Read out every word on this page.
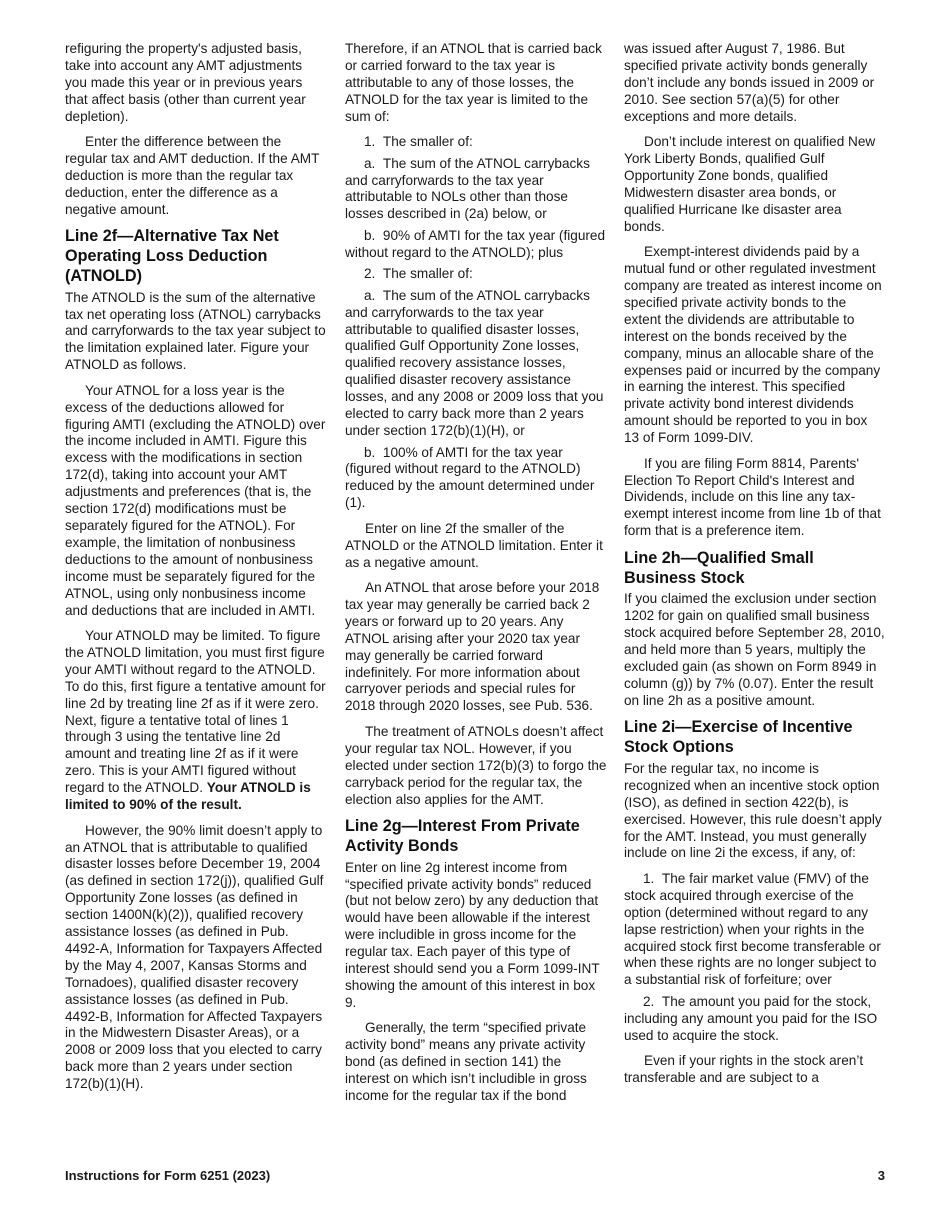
refiguring the property's adjusted basis, take into account any AMT adjustments you made this year or in previous years that affect basis (other than current year depletion).

Enter the difference between the regular tax and AMT deduction. If the AMT deduction is more than the regular tax deduction, enter the difference as a negative amount.

Line 2f—Alternative Tax Net Operating Loss Deduction (ATNOLD)

The ATNOLD is the sum of the alternative tax net operating loss (ATNOL) carrybacks and carryforwards to the tax year subject to the limitation explained later. Figure your ATNOLD as follows.

Your ATNOL for a loss year is the excess of the deductions allowed for figuring AMTI (excluding the ATNOLD) over the income included in AMTI. Figure this excess with the modifications in section 172(d), taking into account your AMT adjustments and preferences (that is, the section 172(d) modifications must be separately figured for the ATNOL). For example, the limitation of nonbusiness deductions to the amount of nonbusiness income must be separately figured for the ATNOL, using only nonbusiness income and deductions that are included in AMTI.

Your ATNOLD may be limited. To figure the ATNOLD limitation, you must first figure your AMTI without regard to the ATNOLD. To do this, first figure a tentative amount for line 2d by treating line 2f as if it were zero. Next, figure a tentative total of lines 1 through 3 using the tentative line 2d amount and treating line 2f as if it were zero. This is your AMTI figured without regard to the ATNOLD. Your ATNOLD is limited to 90% of the result.

However, the 90% limit doesn’t apply to an ATNOL that is attributable to qualified disaster losses before December 19, 2004 (as defined in section 172(j)), qualified Gulf Opportunity Zone losses (as defined in section 1400N(k)(2)), qualified recovery assistance losses (as defined in Pub. 4492-A, Information for Taxpayers Affected by the May 4, 2007, Kansas Storms and Tornadoes), qualified disaster recovery assistance losses (as defined in Pub. 4492-B, Information for Affected Taxpayers in the Midwestern Disaster Areas), or a 2008 or 2009 loss that you elected to carry back more than 2 years under section 172(b)(1)(H).

Therefore, if an ATNOL that is carried back or carried forward to the tax year is attributable to any of those losses, the ATNOLD for the tax year is limited to the sum of:

1.  The smaller of:

a.  The sum of the ATNOL carrybacks and carryforwards to the tax year attributable to NOLs other than those losses described in (2a) below, or

b.  90% of AMTI for the tax year (figured without regard to the ATNOLD); plus

2.  The smaller of:

a.  The sum of the ATNOL carrybacks and carryforwards to the tax year attributable to qualified disaster losses, qualified Gulf Opportunity Zone losses, qualified recovery assistance losses, qualified disaster recovery assistance losses, and any 2008 or 2009 loss that you elected to carry back more than 2 years under section 172(b)(1)(H), or

b.  100% of AMTI for the tax year (figured without regard to the ATNOLD) reduced by the amount determined under (1).

Enter on line 2f the smaller of the ATNOLD or the ATNOLD limitation. Enter it as a negative amount.

An ATNOL that arose before your 2018 tax year may generally be carried back 2 years or forward up to 20 years. Any ATNOL arising after your 2020 tax year may generally be carried forward indefinitely. For more information about carryover periods and special rules for 2018 through 2020 losses, see Pub. 536.

The treatment of ATNOLs doesn’t affect your regular tax NOL. However, if you elected under section 172(b)(3) to forgo the carryback period for the regular tax, the election also applies for the AMT.

Line 2g—Interest From Private Activity Bonds

Enter on line 2g interest income from “specified private activity bonds” reduced (but not below zero) by any deduction that would have been allowable if the interest were includible in gross income for the regular tax. Each payer of this type of interest should send you a Form 1099-INT showing the amount of this interest in box 9.

Generally, the term “specified private activity bond” means any private activity bond (as defined in section 141) the interest on which isn’t includible in gross income for the regular tax if the bond

was issued after August 7, 1986. But specified private activity bonds generally don’t include any bonds issued in 2009 or 2010. See section 57(a)(5) for other exceptions and more details.

Don’t include interest on qualified New York Liberty Bonds, qualified Gulf Opportunity Zone bonds, qualified Midwestern disaster area bonds, or qualified Hurricane Ike disaster area bonds.

Exempt-interest dividends paid by a mutual fund or other regulated investment company are treated as interest income on specified private activity bonds to the extent the dividends are attributable to interest on the bonds received by the company, minus an allocable share of the expenses paid or incurred by the company in earning the interest. This specified private activity bond interest dividends amount should be reported to you in box 13 of Form 1099-DIV.

If you are filing Form 8814, Parents' Election To Report Child's Interest and Dividends, include on this line any tax-exempt interest income from line 1b of that form that is a preference item.

Line 2h—Qualified Small Business Stock

If you claimed the exclusion under section 1202 for gain on qualified small business stock acquired before September 28, 2010, and held more than 5 years, multiply the excluded gain (as shown on Form 8949 in column (g)) by 7% (0.07). Enter the result on line 2h as a positive amount.

Line 2i—Exercise of Incentive Stock Options

For the regular tax, no income is recognized when an incentive stock option (ISO), as defined in section 422(b), is exercised. However, this rule doesn’t apply for the AMT. Instead, you must generally include on line 2i the excess, if any, of:

1.  The fair market value (FMV) of the stock acquired through exercise of the option (determined without regard to any lapse restriction) when your rights in the acquired stock first become transferable or when these rights are no longer subject to a substantial risk of forfeiture; over

2.  The amount you paid for the stock, including any amount you paid for the ISO used to acquire the stock.

Even if your rights in the stock aren’t transferable and are subject to a

Instructions for Form 6251 (2023)	3
